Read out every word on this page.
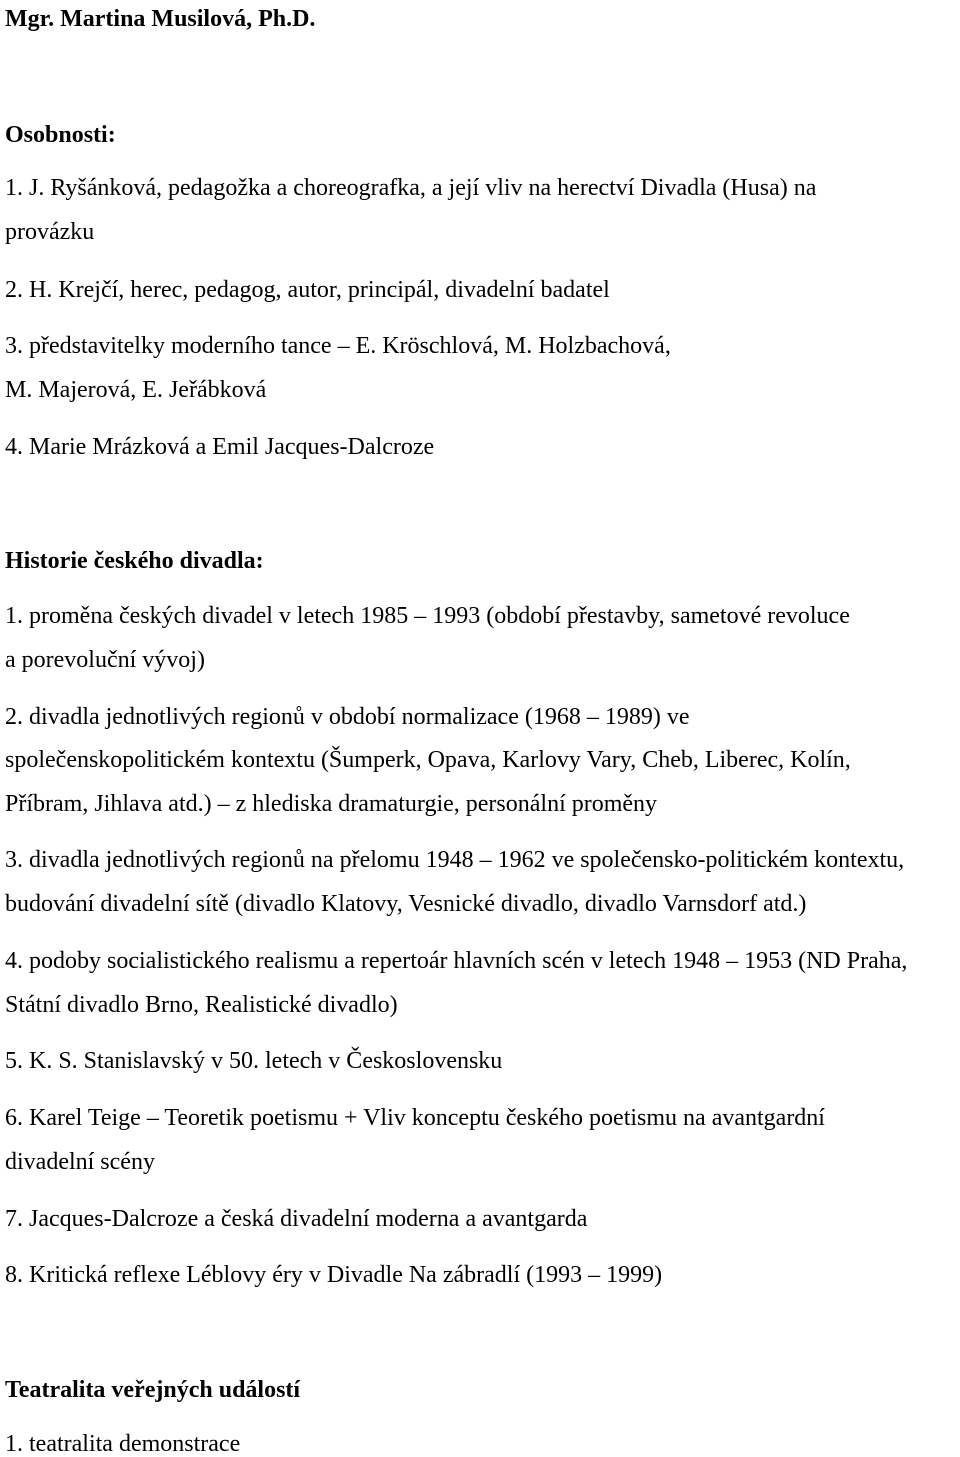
Mgr. Martina Musilová, Ph.D.
Osobnosti:
1. J. Ryšánková, pedagožka a choreografka, a její vliv na herectví Divadla (Husa) na
provázku
2. H. Krejčí, herec, pedagog, autor, principál, divadelní badatel
3. představitelky moderního tance – E. Kröschlová, M. Holzbachová,
M. Majerová, E. Jeřábková
4. Marie Mrázková a Emil Jacques-Dalcroze
Historie českého divadla:
1. proměna českých divadel v letech 1985 – 1993 (období přestavby, sametové revoluce
a porevoluční vývoj)
2. divadla jednotlivých regionů v období normalizace (1968 – 1989) ve
společenskopolitickém kontextu (Šumperk, Opava, Karlovy Vary, Cheb, Liberec, Kolín,
Příbram, Jihlava atd.) – z hlediska dramaturgie, personální proměny
3. divadla jednotlivých regionů na přelomu 1948 – 1962 ve společensko-politickém kontextu,
budování divadelní sítě (divadlo Klatovy, Vesnické divadlo, divadlo Varnsdorf atd.)
4. podoby socialistického realismu a repertoár hlavních scén v letech 1948 – 1953 (ND Praha,
Státní divadlo Brno, Realistické divadlo)
5. K. S. Stanislavský v 50. letech v Československu
6. Karel Teige – Teoretik poetismu + Vliv konceptu českého poetismu na avantgardní
divadelní scény
7. Jacques-Dalcroze a česká divadelní moderna a avantgarda
8. Kritická reflexe Léblovy éry v Divadle Na zábradlí (1993 – 1999)
Teatralita veřejných událostí
1. teatralita demonstrace
